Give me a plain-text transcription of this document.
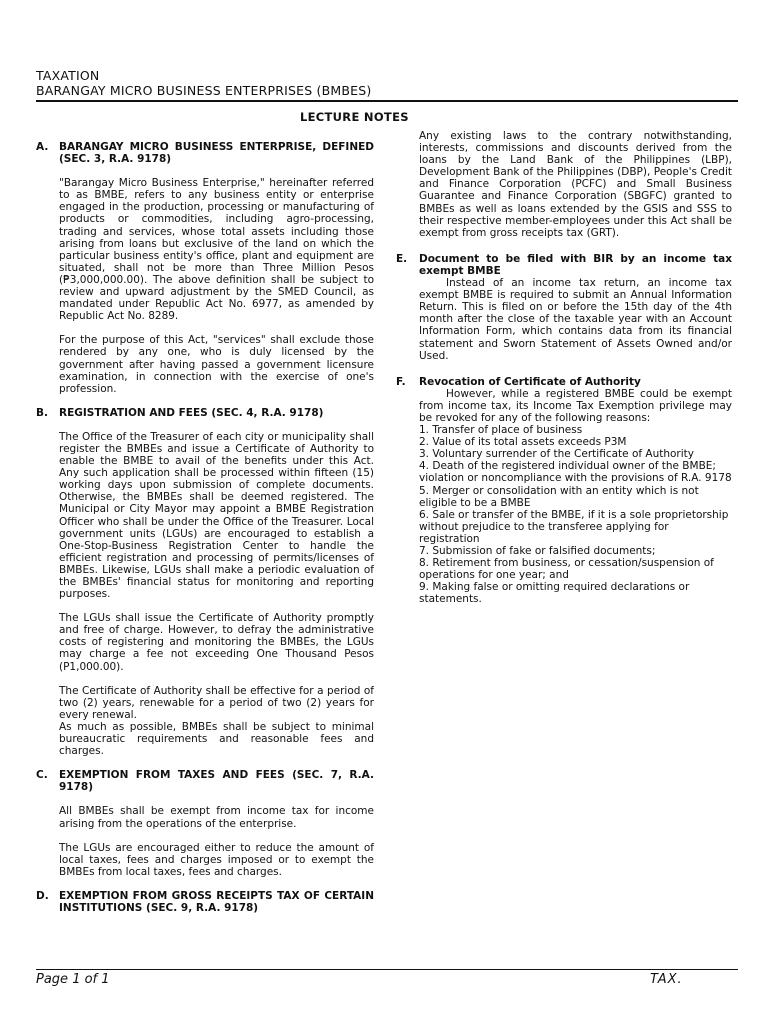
TAXATION
BARANGAY MICRO BUSINESS ENTERPRISES (BMBES)
LECTURE NOTES
A.	BARANGAY MICRO BUSINESS ENTERPRISE, DEFINED (SEC. 3, R.A. 9178)

"Barangay Micro Business Enterprise," hereinafter referred to as BMBE, refers to any business entity or enterprise engaged in the production, processing or manufacturing of products or commodities, including agro-processing, trading and services, whose total assets including those arising from loans but exclusive of the land on which the particular business entity's office, plant and equipment are situated, shall not be more than Three Million Pesos (₱3,000,000.00). The above definition shall be subject to review and upward adjustment by the SMED Council, as mandated under Republic Act No. 6977, as amended by Republic Act No. 8289.

For the purpose of this Act, "services" shall exclude those rendered by any one, who is duly licensed by the government after having passed a government licensure examination, in connection with the exercise of one's profession.

B.	REGISTRATION AND FEES (SEC. 4, R.A. 9178)

The Office of the Treasurer of each city or municipality shall register the BMBEs and issue a Certificate of Authority to enable the BMBE to avail of the benefits under this Act. Any such application shall be processed within fifteen (15) working days upon submission of complete documents. Otherwise, the BMBEs shall be deemed registered. The Municipal or City Mayor may appoint a BMBE Registration Officer who shall be under the Office of the Treasurer. Local government units (LGUs) are encouraged to establish a One-Stop-Business Registration Center to handle the efficient registration and processing of permits/licenses of BMBEs. Likewise, LGUs shall make a periodic evaluation of the BMBEs' financial status for monitoring and reporting purposes.

The LGUs shall issue the Certificate of Authority promptly and free of charge. However, to defray the administrative costs of registering and monitoring the BMBEs, the LGUs may charge a fee not exceeding One Thousand Pesos (P1,000.00).

The Certificate of Authority shall be effective for a period of two (2) years, renewable for a period of two (2) years for every renewal.

As much as possible, BMBEs shall be subject to minimal bureaucratic requirements and reasonable fees and charges.

C.	EXEMPTION FROM TAXES AND FEES (SEC. 7, R.A. 9178)

All BMBEs shall be exempt from income tax for income arising from the operations of the enterprise.

The LGUs are encouraged either to reduce the amount of local taxes, fees and charges imposed or to exempt the BMBEs from local taxes, fees and charges.

D. EXEMPTION FROM GROSS RECEIPTS TAX OF CERTAIN INSTITUTIONS (SEC. 9, R.A. 9178)

Any existing laws to the contrary notwithstanding, interests, commissions and discounts derived from the loans by the Land Bank of the Philippines (LBP), Development Bank of the Philippines (DBP), People's Credit and Finance Corporation (PCFC) and Small Business Guarantee and Finance Corporation (SBGFC) granted to BMBEs as well as loans extended by the GSIS and SSS to their respective member-employees under this Act shall be exempt from gross receipts tax (GRT).

E.	Document to be filed with BIR by an income tax exempt BMBE

Instead of an income tax return, an income tax exempt BMBE is required to submit an Annual Information Return. This is filed on or before the 15th day of the 4th month after the close of the taxable year with an Account Information Form, which contains data from its financial statement and Sworn Statement of Assets Owned and/or Used.

F.	Revocation of Certificate of Authority

However, while a registered BMBE could be exempt from income tax, its Income Tax Exemption privilege may be revoked for any of the following reasons:

1. Transfer of place of business
2. Value of its total assets exceeds P3M
3. Voluntary surrender of the Certificate of Authority
4. Death of the registered individual owner of the BMBE; violation or noncompliance with the provisions of R.A. 9178
5. Merger or consolidation with an entity which is not eligible to be a BMBE
6. Sale or transfer of the BMBE, if it is a sole proprietorship without prejudice to the transferee applying for registration
7. Submission of fake or falsified documents;
8. Retirement from business, or cessation/suspension of operations for one year; and
9. Making false or omitting required declarations or statements.
Page 1 of 1	TAX.
